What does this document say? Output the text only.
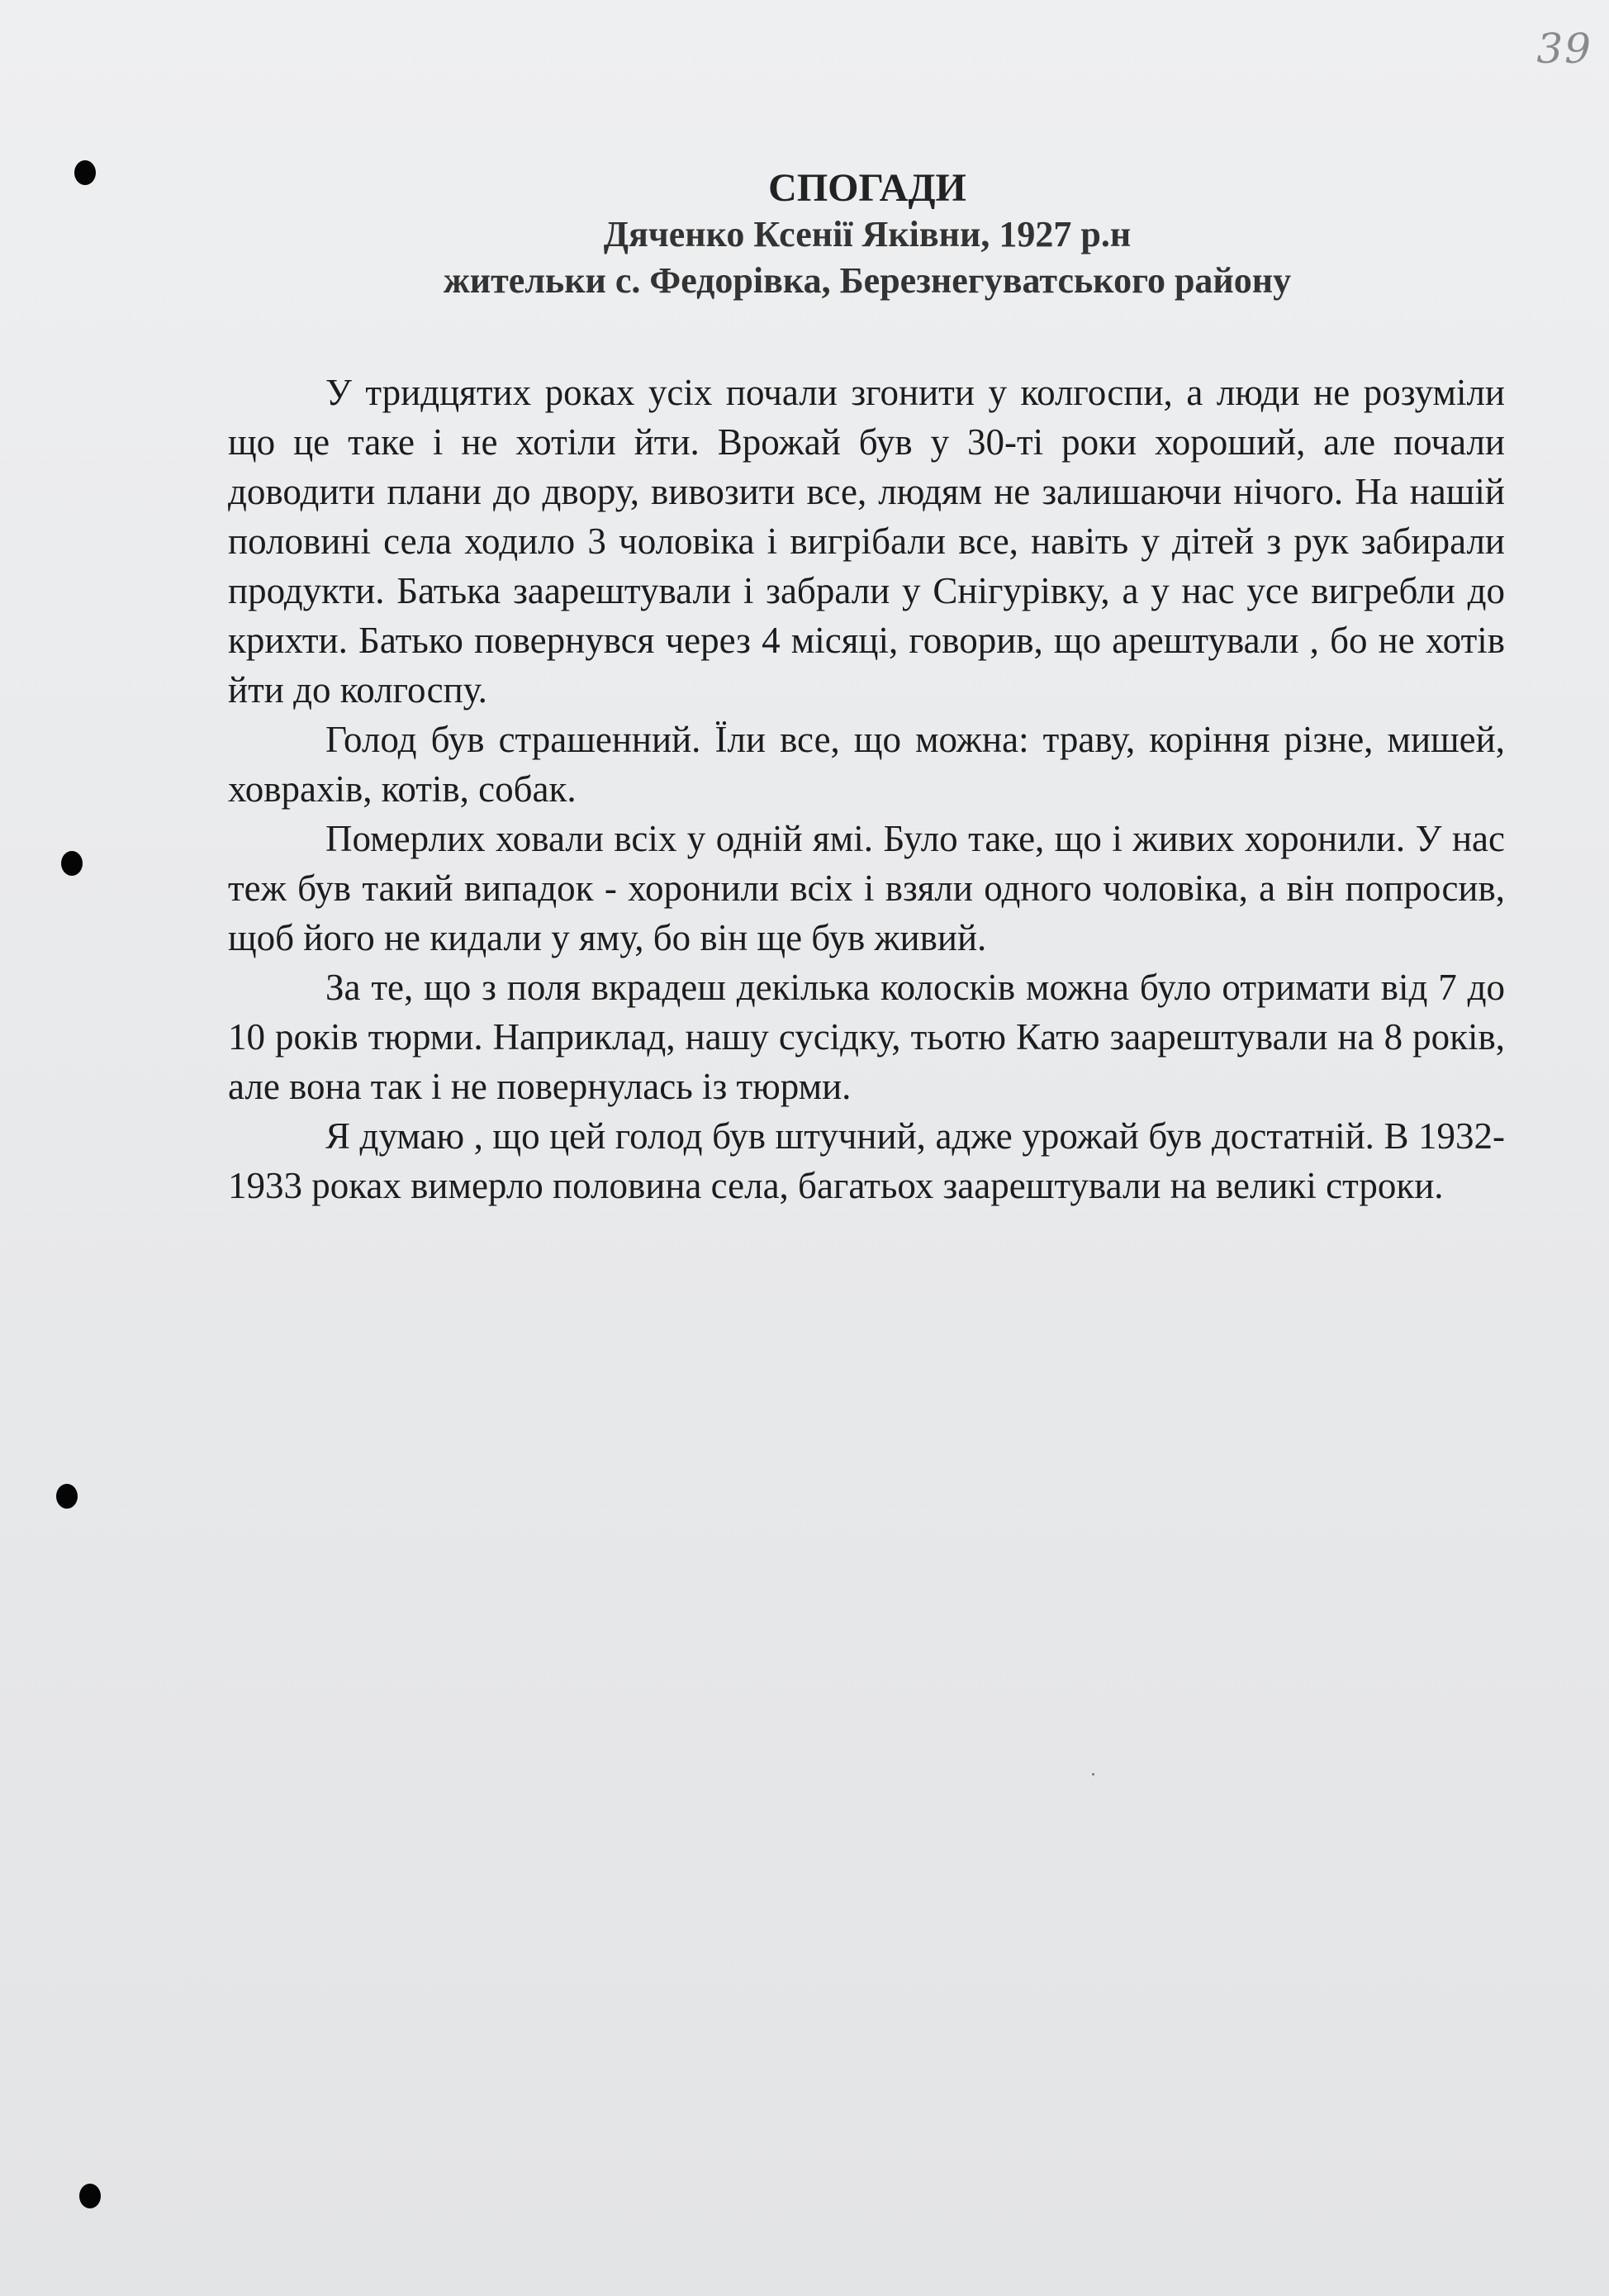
39
СПОГАДИ
Дяченко Ксенії Яківни, 1927 р.н
жительки с. Федорівка, Березнегуватського району

У тридцятих роках усіх почали згонити у колгоспи, а люди не розуміли що це таке і не хотіли йти. Врожай був у 30-ті роки хороший, але почали доводити плани до двору, вивозити все, людям не залишаючи нічого. На нашій половині села ходило 3 чоловіка і вигрібали все, навіть у дітей з рук забирали продукти. Батька заарештували і забрали у Снігурівку, а у нас усе вигребли до крихти. Батько повернувся через 4 місяці, говорив, що арештували , бо не хотів йти до колгоспу.

Голод був страшенний. Їли все, що можна: траву, коріння різне, мишей, ховрахів, котів, собак.

Померлих ховали всіх у одній ямі. Було таке, що і живих хоронили. У нас теж був такий випадок - хоронили всіх і взяли одного чоловіка, а він попросив, щоб його не кидали у яму, бо він ще був живий.

За те, що з поля вкрадеш декілька колосків можна було отримати від 7 до 10 років тюрми. Наприклад, нашу сусідку, тьотю Катю заарештували на 8 років, але вона так і не повернулась із тюрми.

Я думаю , що цей голод був штучний, адже урожай був достатній. В 1932-1933 роках вимерло половина села, багатьох заарештували на великі строки.
